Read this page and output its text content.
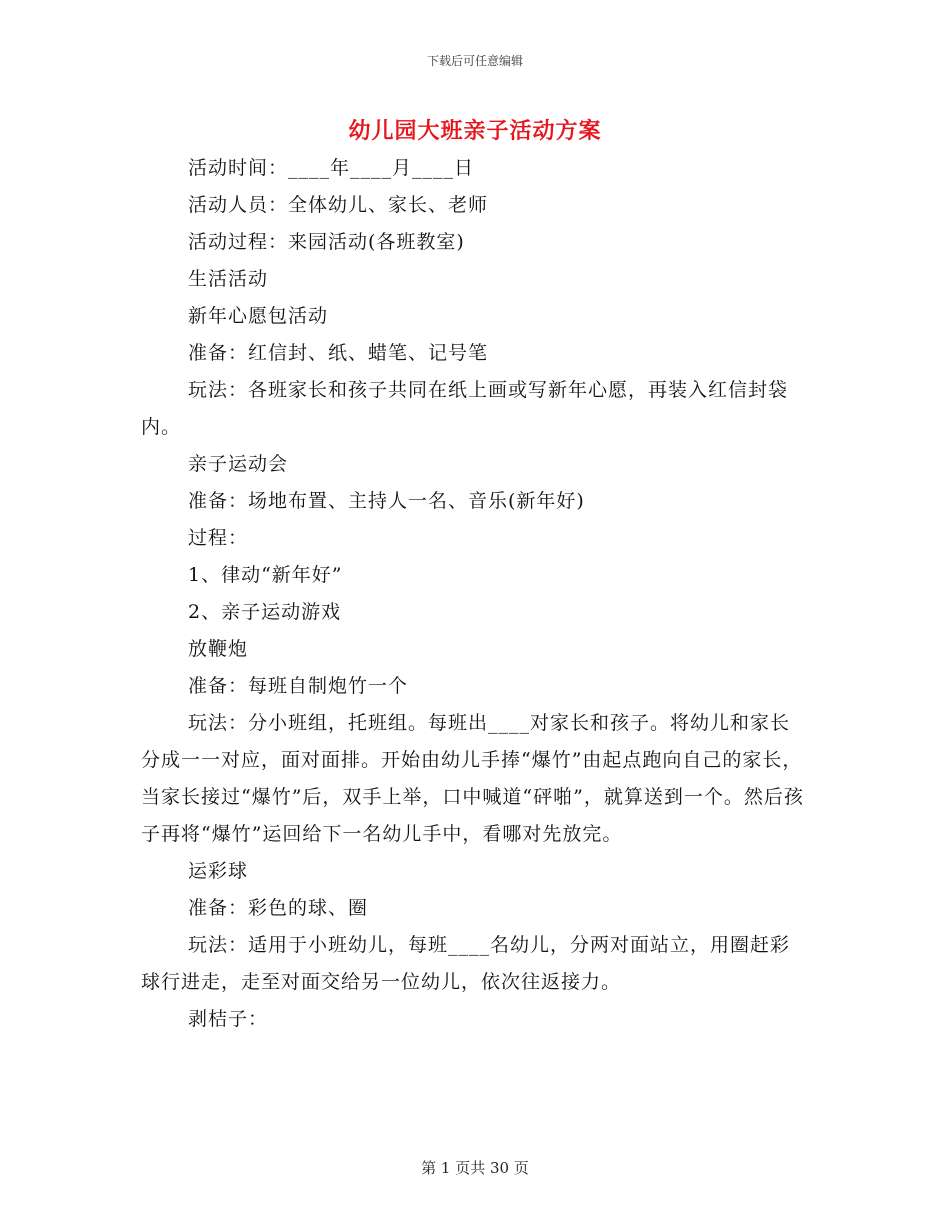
下载后可任意编辑
幼儿园大班亲子活动方案

活动时间：____年____月____日

活动人员：全体幼儿、家长、老师

活动过程：来园活动(各班教室)

生活活动

新年心愿包活动

准备：红信封、纸、蜡笔、记号笔

玩法：各班家长和孩子共同在纸上画或写新年心愿，再装入红信封袋内。

亲子运动会

准备：场地布置、主持人一名、音乐(新年好)

过程：

1、律动“新年好”

2、亲子运动游戏

放鞭炮

准备：每班自制炮竹一个

玩法：分小班组，托班组。每班出____对家长和孩子。将幼儿和家长分成一一对应，面对面排。开始由幼儿手捧“爆竹”由起点跑向自己的家长，当家长接过“爆竹”后，双手上举，口中喊道“砰啪”，就算送到一个。然后孩子再将“爆竹”运回给下一名幼儿手中，看哪对先放完。

运彩球

准备：彩色的球、圈

玩法：适用于小班幼儿，每班____名幼儿，分两对面站立，用圈赶彩球行进走，走至对面交给另一位幼儿，依次往返接力。

剥桔子：

第 1 页共 30 页
